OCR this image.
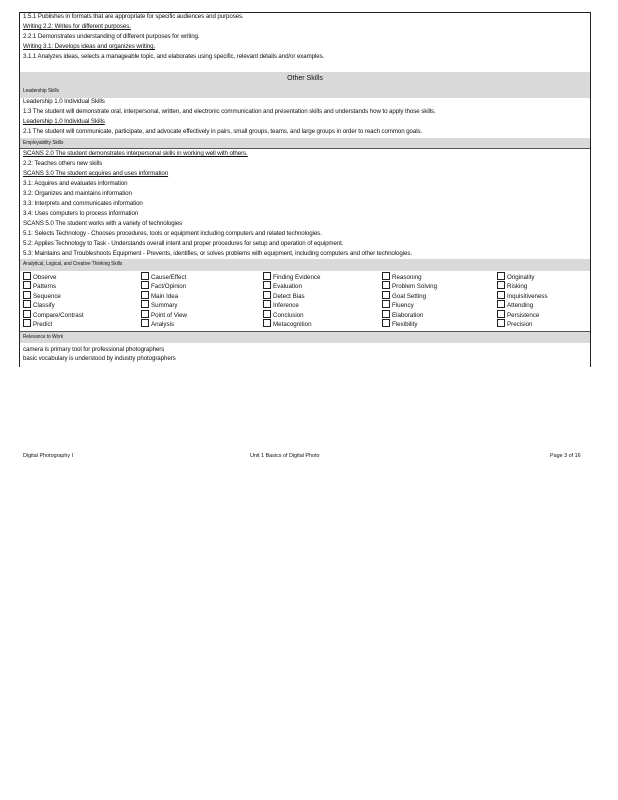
1.5.1 Publishes in formats that are appropriate for specific audiences and purposes.
Writing 2.2: Writes for different purposes.
2.2.1 Demonstrates understanding of different purposes for writing.
Writing 3.1: Develops ideas and organizes writing.
3.1.1 Analyzes ideas, selects a manageable topic, and elaborates using specific, relevant details and/or examples.
Other Skills
Leadership Skills
Leadership 1.0 Individual Skills
1.3 The student will demonstrate oral, interpersonal, written, and electronic communication and presentation skills and understands how to apply those skills.
Leadership 1.0 Individual Skills
2.1 The student will communicate, participate, and advocate effectively in pairs, small groups, teams, and large groups in order to reach common goals.
Employability Skills
SCANS 2.0 The student demonstrates interpersonal skills in working well with others.
2.2: Teaches others new skills
SCANS 3.0 The student acquires and uses information
3.1: Acquires and evaluates information
3.2: Organizes and maintains information
3.3: Interprets and communicates information
3.4: Uses computers to process information
SCANS 5.0 The student works with a variety of technologies
5.1: Selects Technology - Chooses procedures, tools or equipment including computers and related technologies.
5.2: Applies Technology to Task - Understands overall intent and proper procedures for setup and operation of equipment.
5.3: Maintains and Troubleshoots Equipment - Prevents, identifies, or solves problems with equipment, including computers and other technologies.
Analytical, Logical, and Creative Thinking Skills
Observe
Patterns
Sequence
Classify
Compare/Contrast
Predict
Cause/Effect
Fact/Opinion
Main Idea
Summary
Point of View
Analysis
Finding Evidence
Evaluation
Detect Bias
Inference
Conclusion
Metacognition
Reasoning
Problem Solving
Goal Setting
Fluency
Elaboration
Flexibility
Originality
Risking
Inquisitiveness
Attending
Persistence
Precision
Relevance to Work
camera is primary tool for professional photographers
basic vocabulary is understood by industry photographers
Digital Photography I	Unit 1 Basics of Digital Photo	Page 3 of 16
